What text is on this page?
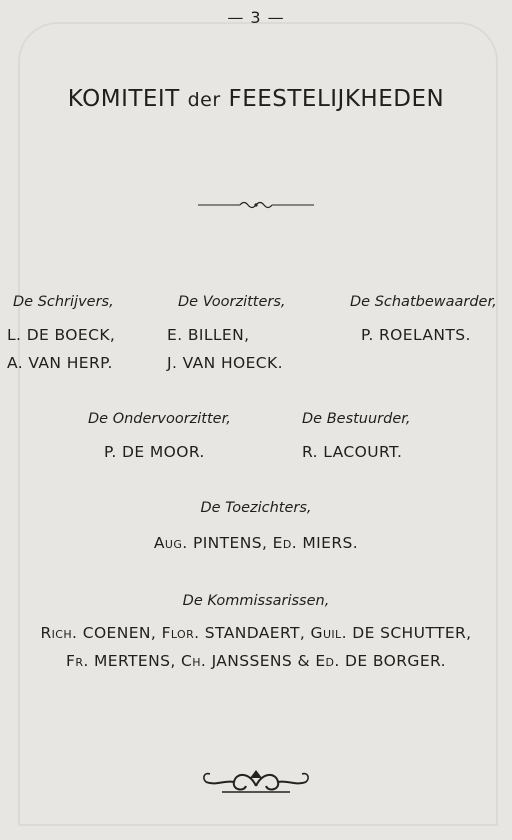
— 3 —
KOMITEIT der FEESTELIJKHEDEN
De Schrijvers,
L. DE BOECK,
A. VAN HERP.
De Voorzitters,
E. BILLEN,
J. VAN HOECK.
De Schatbewaarder,
P. ROELANTS.
De Ondervoorzitter,
P. DE MOOR.
De Bestuurder,
R. LACOURT.
De Toezichters,
Aug. PINTENS, Ed. MIERS.
De Kommissarissen,
Rich. COENEN, Flor. STANDAERT, Guil. DE SCHUTTER,
Fr. MERTENS, Ch. JANSSENS & Ed. DE BORGER.
